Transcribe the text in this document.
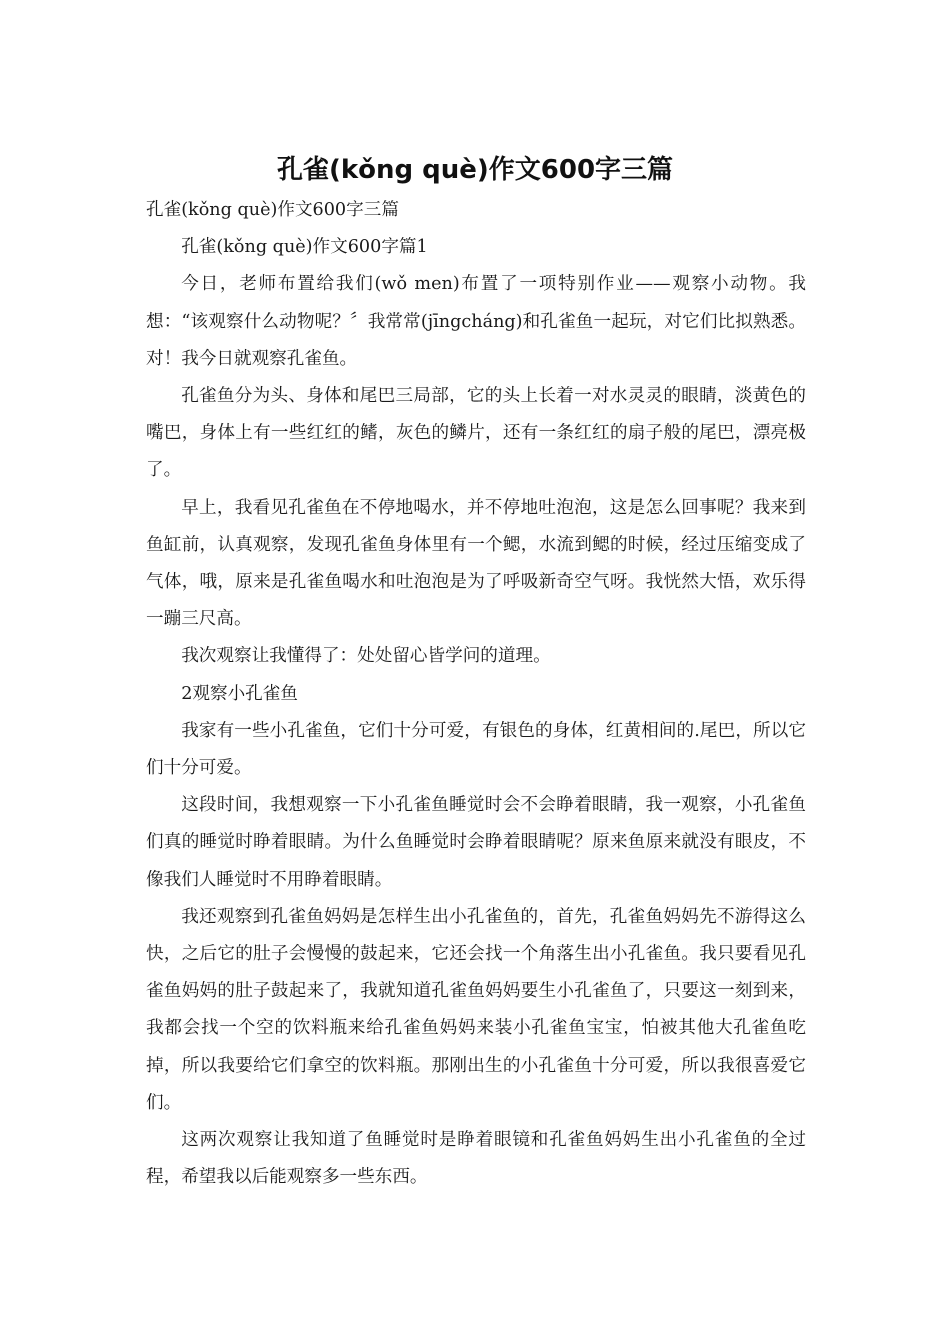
孔雀(kǒng què)作文600字三篇

孔雀(kǒng què)作文600字三篇

孔雀(kǒng què)作文600字篇1

今日，老师布置给我们(wǒ men)布置了一项特别作业——观察小动物。我想：“该观察什么动物呢？〞我常常(jīngcháng)和孔雀鱼一起玩，对它们比拟熟悉。对！我今日就观察孔雀鱼。

孔雀鱼分为头、身体和尾巴三局部，它的头上长着一对水灵灵的眼睛，淡黄色的嘴巴，身体上有一些红红的鳍，灰色的鳞片，还有一条红红的扇子般的尾巴，漂亮极了。

早上，我看见孔雀鱼在不停地喝水，并不停地吐泡泡，这是怎么回事呢？我来到鱼缸前，认真观察，发现孔雀鱼身体里有一个鳃，水流到鳃的时候，经过压缩变成了气体，哦，原来是孔雀鱼喝水和吐泡泡是为了呼吸新奇空气呀。我恍然大悟，欢乐得一蹦三尺高。

我次观察让我懂得了：处处留心皆学问的道理。

2观察小孔雀鱼

我家有一些小孔雀鱼，它们十分可爱，有银色的身体，红黄相间的.尾巴，所以它们十分可爱。

这段时间，我想观察一下小孔雀鱼睡觉时会不会睁着眼睛，我一观察，小孔雀鱼们真的睡觉时睁着眼睛。为什么鱼睡觉时会睁着眼睛呢？原来鱼原来就没有眼皮，不像我们人睡觉时不用睁着眼睛。

我还观察到孔雀鱼妈妈是怎样生出小孔雀鱼的，首先，孔雀鱼妈妈先不游得这么快，之后它的肚子会慢慢的鼓起来，它还会找一个角落生出小孔雀鱼。我只要看见孔雀鱼妈妈的肚子鼓起来了，我就知道孔雀鱼妈妈要生小孔雀鱼了，只要这一刻到来，我都会找一个空的饮料瓶来给孔雀鱼妈妈来装小孔雀鱼宝宝，怕被其他大孔雀鱼吃掉，所以我要给它们拿空的饮料瓶。那刚出生的小孔雀鱼十分可爱，所以我很喜爱它们。

这两次观察让我知道了鱼睡觉时是睁着眼镜和孔雀鱼妈妈生出小孔雀鱼的全过程，希望我以后能观察多一些东西。
